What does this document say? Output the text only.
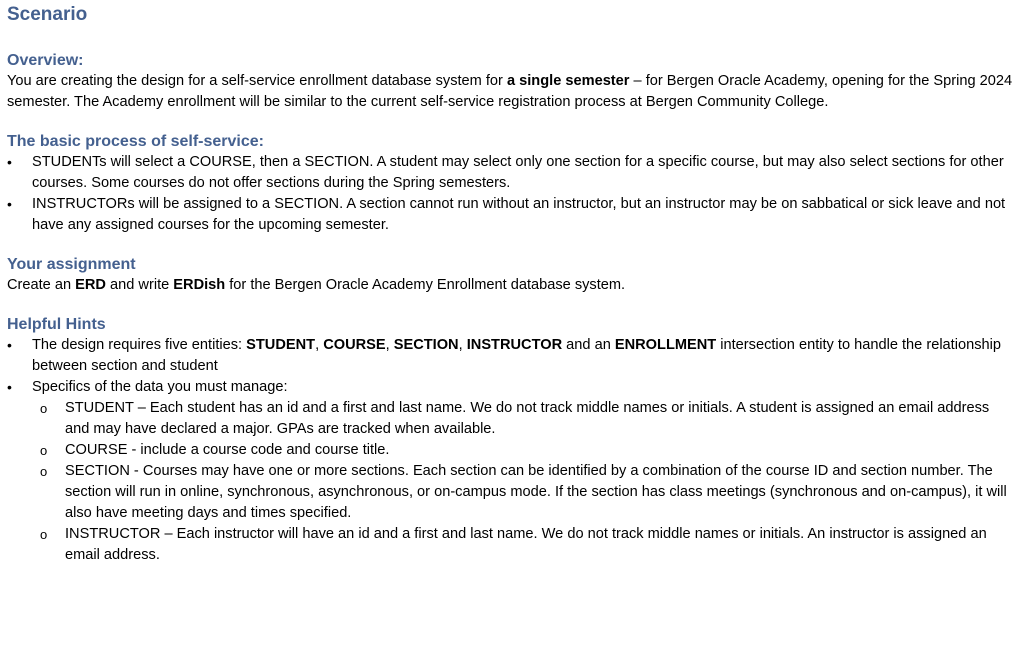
Scenario
Overview:

You are creating the design for a self-service enrollment database system for a single semester – for Bergen Oracle Academy, opening for the Spring 2024 semester. The Academy enrollment will be similar to the current self-service registration process at Bergen Community College.

The basic process of self-service:
• STUDENTs will select a COURSE, then a SECTION. A student may select only one section for a specific course, but may also select sections for other courses. Some courses do not offer sections during the Spring semesters.
• INSTRUCTORs will be assigned to a SECTION. A section cannot run without an instructor, but an instructor may be on sabbatical or sick leave and not have any assigned courses for the upcoming semester.
Your assignment

Create an ERD and write ERDish for the Bergen Oracle Academy Enrollment database system.

Helpful Hints
• The design requires five entities: STUDENT, COURSE, SECTION, INSTRUCTOR and an ENROLLMENT intersection entity to handle the relationship between section and student
• Specifics of the data you must manage:
o STUDENT – Each student has an id and a first and last name. We do not track middle names or initials. A student is assigned an email address and may have declared a major. GPAs are tracked when available.
o COURSE - include a course code and course title.
o SECTION - Courses may have one or more sections. Each section can be identified by a combination of the course ID and section number. The section will run in online, synchronous, asynchronous, or on-campus mode. If the section has class meetings (synchronous and on-campus), it will also have meeting days and times specified.
o INSTRUCTOR – Each instructor will have an id and a first and last name. We do not track middle names or initials. An instructor is assigned an email address.
